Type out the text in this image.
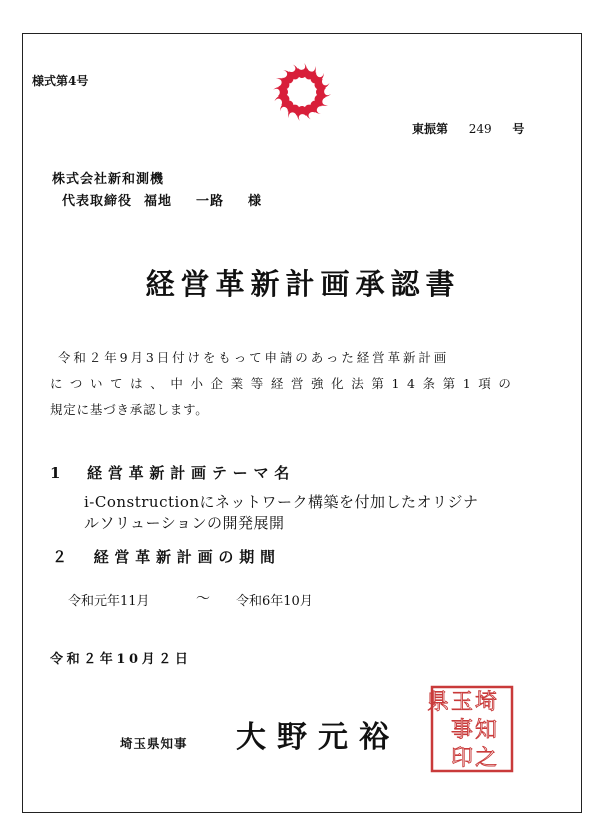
様式第4号
東振第 249 号
株式会社新和測機
代表取締役 福地 一路 様
経営革新計画承認書
令和２年9月3日付けをもって申請のあった経営革新計画
については、中小企業等経営強化法第14条第1項の
規定に基づき承認します。
1　経営革新計画テーマ名
i-Constructionにネットワーク構築を付加したオリジナ
ルソリューションの開発展開
２　経営革新計画の期間
令和元年11月	～ 令和6年10月
令和２年10月２日
埼玉県知事 大野元裕
埼
玉
県
知
事
之
印
